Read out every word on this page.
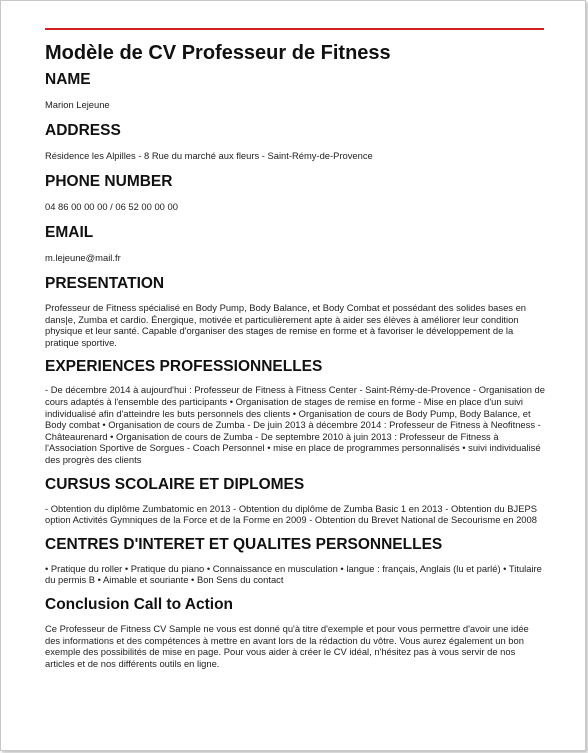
Modèle de CV Professeur de Fitness
NAME

Marion Lejeune

ADDRESS

Résidence les Alpilles - 8 Rue du marché aux fleurs - Saint-Rémy-de-Provence

PHONE NUMBER

04 86 00 00 00 / 06 52 00 00 00

EMAIL

m.lejeune@mail.fr

PRESENTATION

Professeur de Fitness spécialisé en Body Pump, Body Balance, et Body Combat et possédant des solides bases en dans|e, Zumba et cardio. Énergique, motivée et particulièrement apte à aider ses élèves à améliorer leur condition physique et leur santé. Capable d'organiser des stages de remise en forme et à favoriser le développement de la pratique sportive.

EXPERIENCES PROFESSIONNELLES

- De décembre 2014 à aujourd'hui : Professeur de Fitness à Fitness Center - Saint-Rémy-de-Provence - Organisation de cours adaptés à l'ensemble des participants • Organisation de stages de remise en forme - Mise en place d'un suivi individualisé afin d'atteindre les buts personnels des clients • Organisation de cours de Body Pump, Body Balance, et Body combat • Organisation de cours de Zumba - De juin 2013 à décembre 2014 : Professeur de Fitness à Neofitness - Châteaurenard • Organisation de cours de Zumba - De septembre 2010 à juin 2013 : Professeur de Fitness à l'Association Sportive de Sorgues - Coach Personnel • mise en place de programmes personnalisés • suivi individualisé des progrès des clients

CURSUS SCOLAIRE ET DIPLOMES

- Obtention du diplôme Zumbatomic en 2013 - Obtention du diplôme de Zumba Basic 1 en 2013 - Obtention du BJEPS option Activités Gymniques de la Force et de la Forme en 2009 - Obtention du Brevet National de Secourisme en 2008

CENTRES D'INTERET ET QUALITES PERSONNELLES

• Pratique du roller • Pratique du piano • Connaissance en musculation • langue : français, Anglais (lu et parlé) • Titulaire du permis B • Aimable et souriante • Bon Sens du contact

Conclusion Call to Action

Ce Professeur de Fitness CV Sample ne vous est donné qu'à titre d'exemple et pour vous permettre d'avoir une idée des informations et des compétences à mettre en avant lors de la rédaction du vôtre. Vous aurez également un bon exemple des possibilités de mise en page. Pour vous aider à créer le CV idéal, n'hésitez pas à vous servir de nos articles et de nos différents outils en ligne.
